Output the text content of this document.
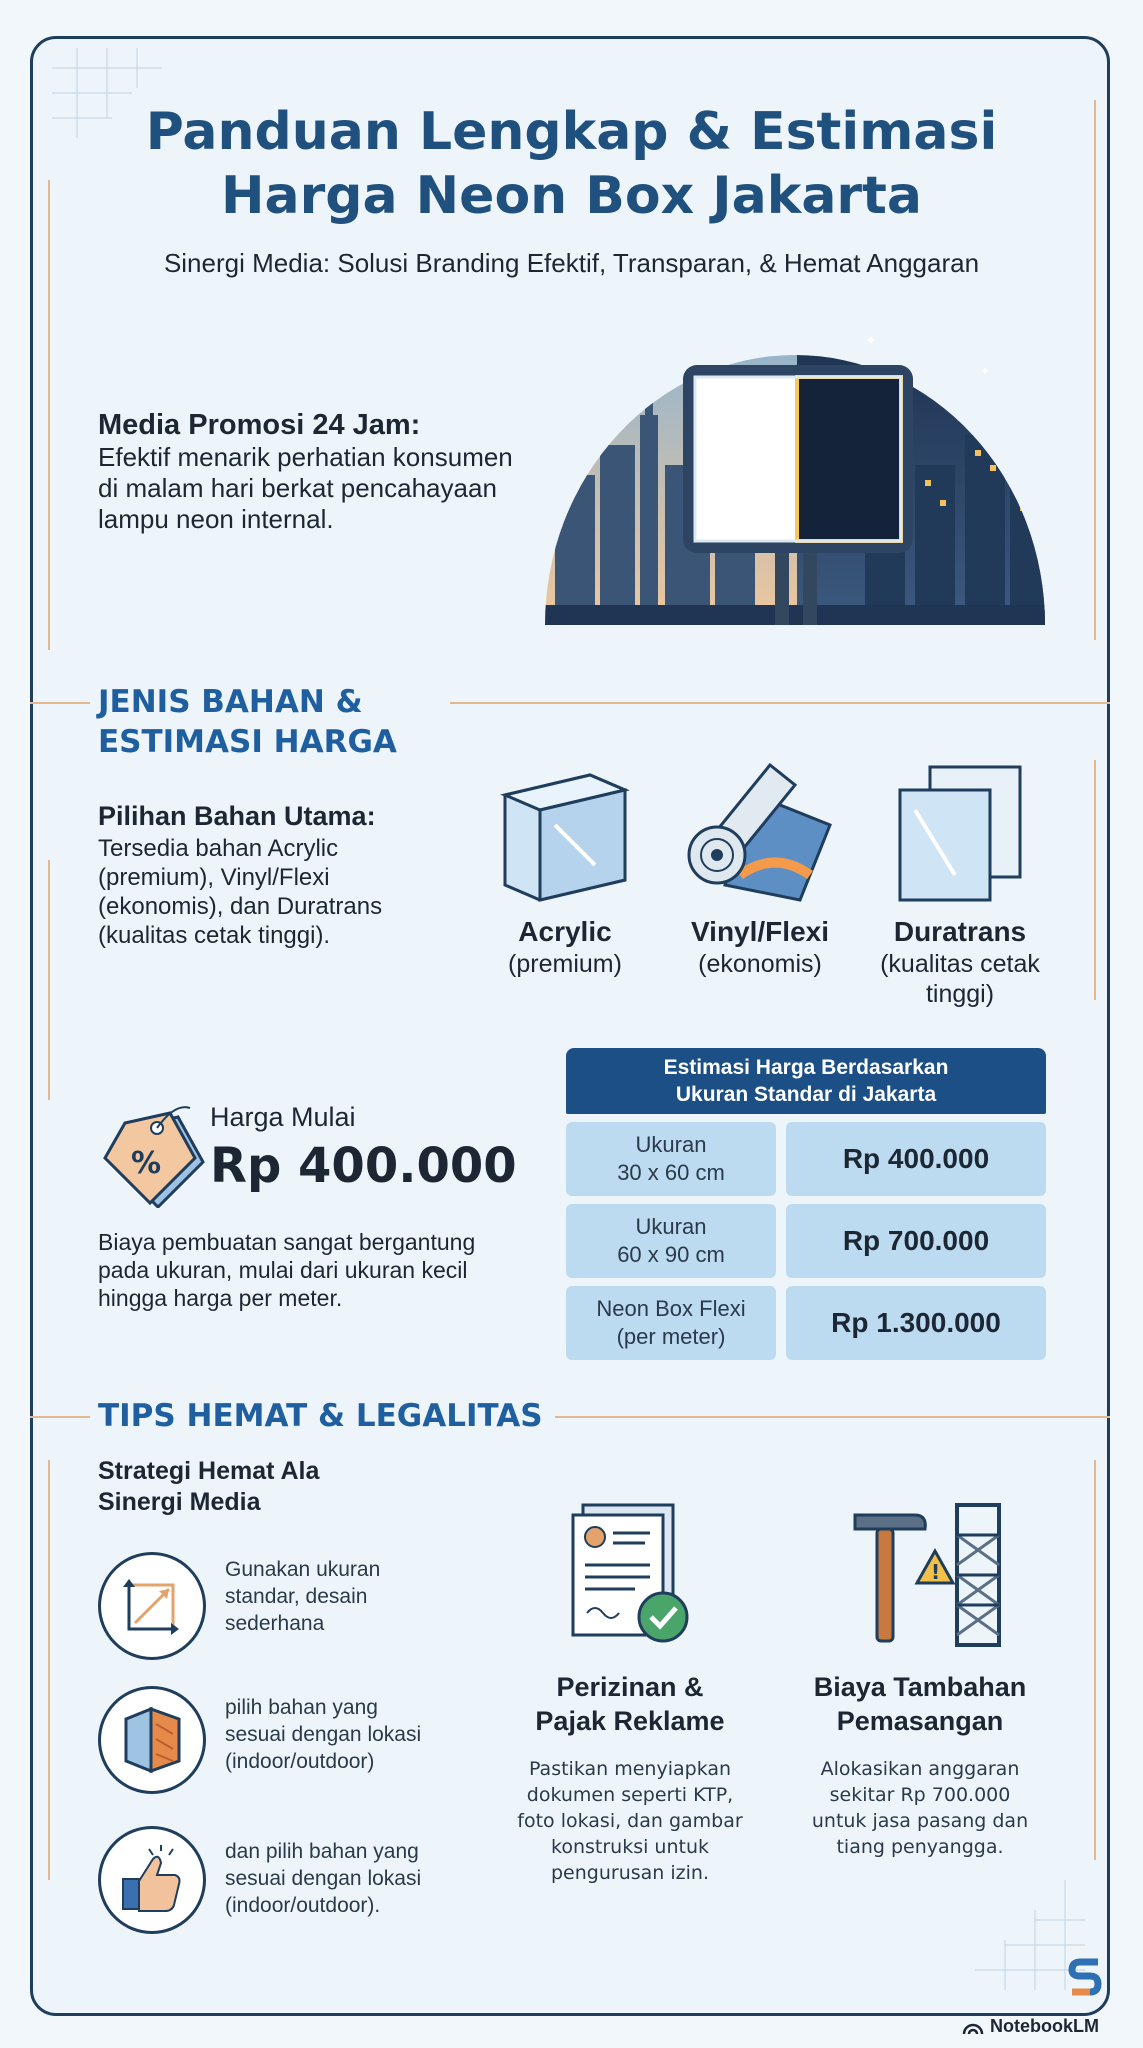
Panduan Lengkap & Estimasi
Harga Neon Box Jakarta
Sinergi Media: Solusi Branding Efektif, Transparan, & Hemat Anggaran
Media Promosi 24 Jam:
Efektif menarik perhatian konsumen di malam hari berkat pencahayaan lampu neon internal.
✦
✦
JENIS BAHAN &
ESTIMASI HARGA
Pilihan Bahan Utama:
Tersedia bahan Acrylic
(premium), Vinyl/Flexi
(ekonomis), dan Duratrans
(kualitas cetak tinggi).	Acrylic
(premium)
Vinyl/Flexi
(ekonomis)
Duratrans
(kualitas cetak
tinggi)
%
Harga Mulai
Rp 400.000
Biaya pembuatan sangat bergantung
pada ukuran, mulai dari ukuran kecil
hingga harga per meter.
Estimasi Harga Berdasarkan
Ukuran Standar di Jakarta
Ukuran
30 x 60 cm	Rp 400.000
Ukuran
60 x 90 cm	Rp 700.000
Neon Box Flexi
(per meter)	Rp 1.300.000
TIPS HEMAT & LEGALITAS
Strategi Hemat Ala
Sinergi Media
Gunakan ukuran
standar, desain
sederhana
pilih bahan yang
sesuai dengan lokasi
(indoor/outdoor)
dan pilih bahan yang
sesuai dengan lokasi
(indoor/outdoor).
Perizinan &
Pajak Reklame
Pastikan menyiapkan
dokumen seperti KTP,
foto lokasi, dan gambar
konstruksi untuk
pengurusan izin.
!
Biaya Tambahan
Pemasangan
Alokasikan anggaran
sekitar Rp 700.000
untuk jasa pasang dan
tiang penyangga.
NotebookLM
